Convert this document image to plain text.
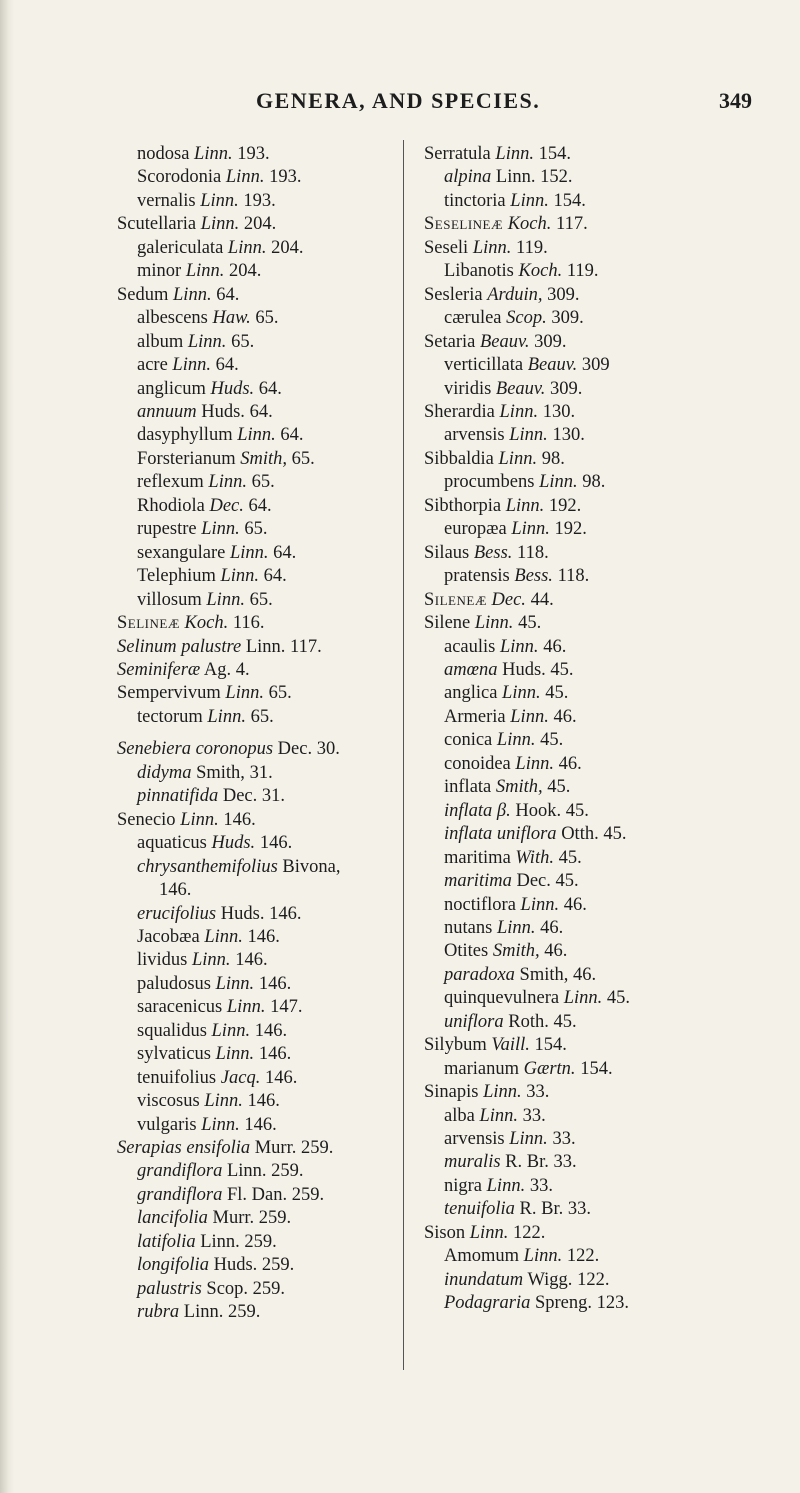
GENERA, AND SPECIES.	349
nodosa Linn. 193.
Scorodonia Linn. 193.
vernalis Linn. 193.
Scutellaria Linn. 204.
galericulata Linn. 204.
minor Linn. 204.
Sedum Linn. 64.
albescens Haw. 65.
album Linn. 65.
acre Linn. 64.
anglicum Huds. 64.
annuum Huds. 64.
dasyphyllum Linn. 64.
Forsterianum Smith, 65.
reflexum Linn. 65.
Rhodiola Dec. 64.
rupestre Linn. 65.
sexangulare Linn. 64.
Telephium Linn. 64.
villosum Linn. 65.
Selineæ Koch. 116.
Selinum palustre Linn. 117.
Seminiferæ Ag. 4.
Sempervivum Linn. 65.
tectorum Linn. 65.
Senebiera coronopus Dec. 30.
didyma Smith, 31.
pinnatifida Dec. 31.
Senecio Linn. 146.
aquaticus Huds. 146.
chrysanthemifolius Bivona,
146.
erucifolius Huds. 146.
Jacobæa Linn. 146.
lividus Linn. 146.
paludosus Linn. 146.
saracenicus Linn. 147.
squalidus Linn. 146.
sylvaticus Linn. 146.
tenuifolius Jacq. 146.
viscosus Linn. 146.
vulgaris Linn. 146.
Serapias ensifolia Murr. 259.
grandiflora Linn. 259.
grandiflora Fl. Dan. 259.
lancifolia Murr. 259.
latifolia Linn. 259.
longifolia Huds. 259.
palustris Scop. 259.
rubra Linn. 259.
Serratula Linn. 154.
alpina Linn. 152.
tinctoria Linn. 154.
Seselineæ Koch. 117.
Seseli Linn. 119.
Libanotis Koch. 119.
Sesleria Arduin, 309.
cærulea Scop. 309.
Setaria Beauv. 309.
verticillata Beauv. 309
viridis Beauv. 309.
Sherardia Linn. 130.
arvensis Linn. 130.
Sibbaldia Linn. 98.
procumbens Linn. 98.
Sibthorpia Linn. 192.
europæa Linn. 192.
Silaus Bess. 118.
pratensis Bess. 118.
Sileneæ Dec. 44.
Silene Linn. 45.
acaulis Linn. 46.
amœna Huds. 45.
anglica Linn. 45.
Armeria Linn. 46.
conica Linn. 45.
conoidea Linn. 46.
inflata Smith, 45.
inflata β. Hook. 45.
inflata uniflora Otth. 45.
maritima With. 45.
maritima Dec. 45.
noctiflora Linn. 46.
nutans Linn. 46.
Otites Smith, 46.
paradoxa Smith, 46.
quinquevulnera Linn. 45.
uniflora Roth. 45.
Silybum Vaill. 154.
marianum Gærtn. 154.
Sinapis Linn. 33.
alba Linn. 33.
arvensis Linn. 33.
muralis R. Br. 33.
nigra Linn. 33.
tenuifolia R. Br. 33.
Sison Linn. 122.
Amomum Linn. 122.
inundatum Wigg. 122.
Podagraria Spreng. 123.
